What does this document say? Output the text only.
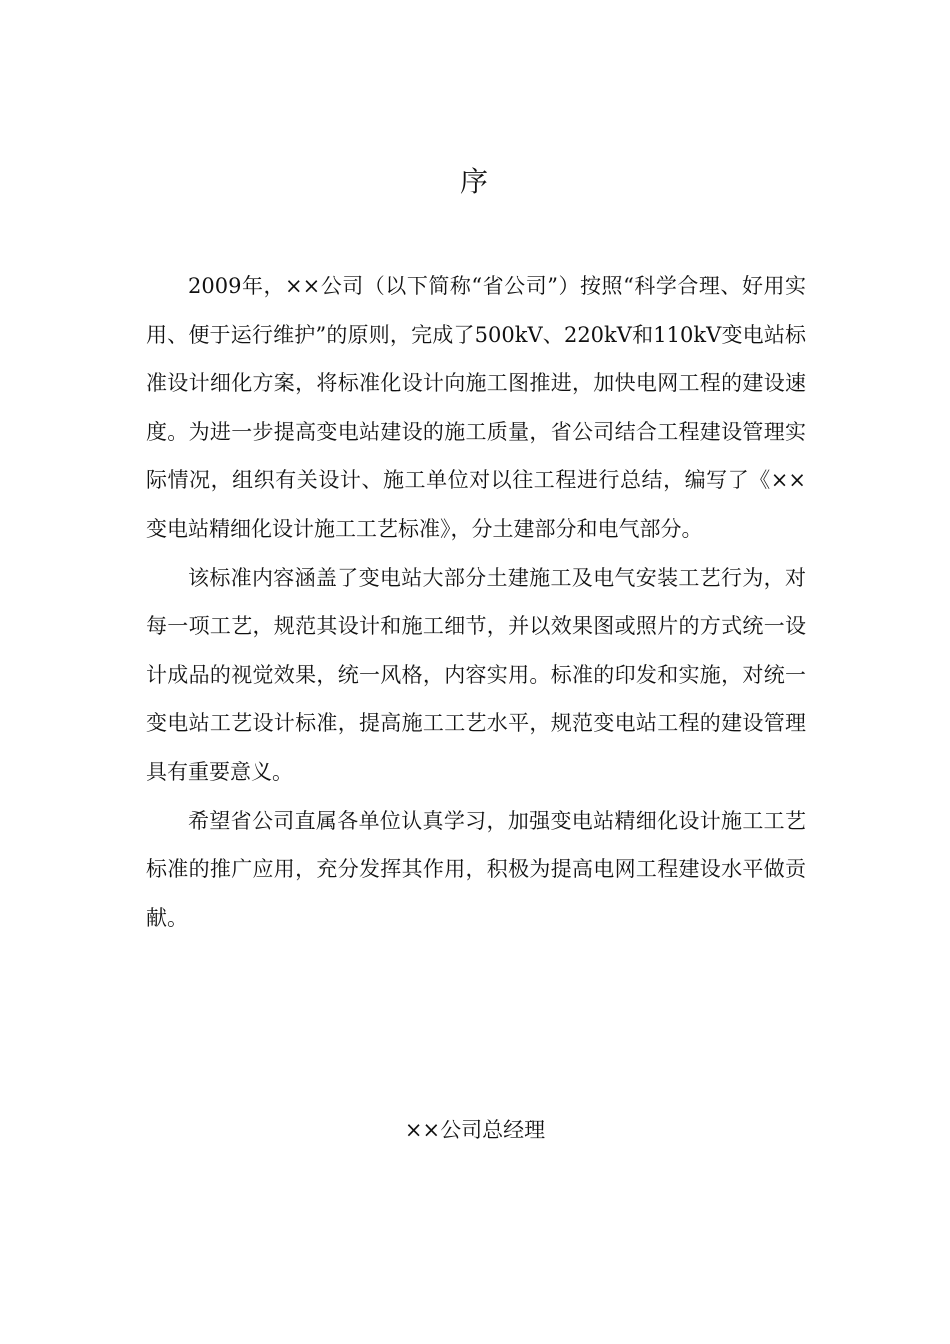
序

2009年，××公司（以下简称“省公司”）按照“科学合理、好用实用、便于运行维护”的原则，完成了500kV、220kV和110kV变电站标准设计细化方案，将标准化设计向施工图推进，加快电网工程的建设速度。为进一步提高变电站建设的施工质量，省公司结合工程建设管理实际情况，组织有关设计、施工单位对以往工程进行总结，编写了《××变电站精细化设计施工工艺标准》，分土建部分和电气部分。

该标准内容涵盖了变电站大部分土建施工及电气安装工艺行为，对每一项工艺，规范其设计和施工细节，并以效果图或照片的方式统一设计成品的视觉效果，统一风格，内容实用。标准的印发和实施，对统一变电站工艺设计标准，提高施工工艺水平，规范变电站工程的建设管理具有重要意义。

希望省公司直属各单位认真学习，加强变电站精细化设计施工工艺标准的推广应用，充分发挥其作用，积极为提高电网工程建设水平做贡献。

××公司总经理
